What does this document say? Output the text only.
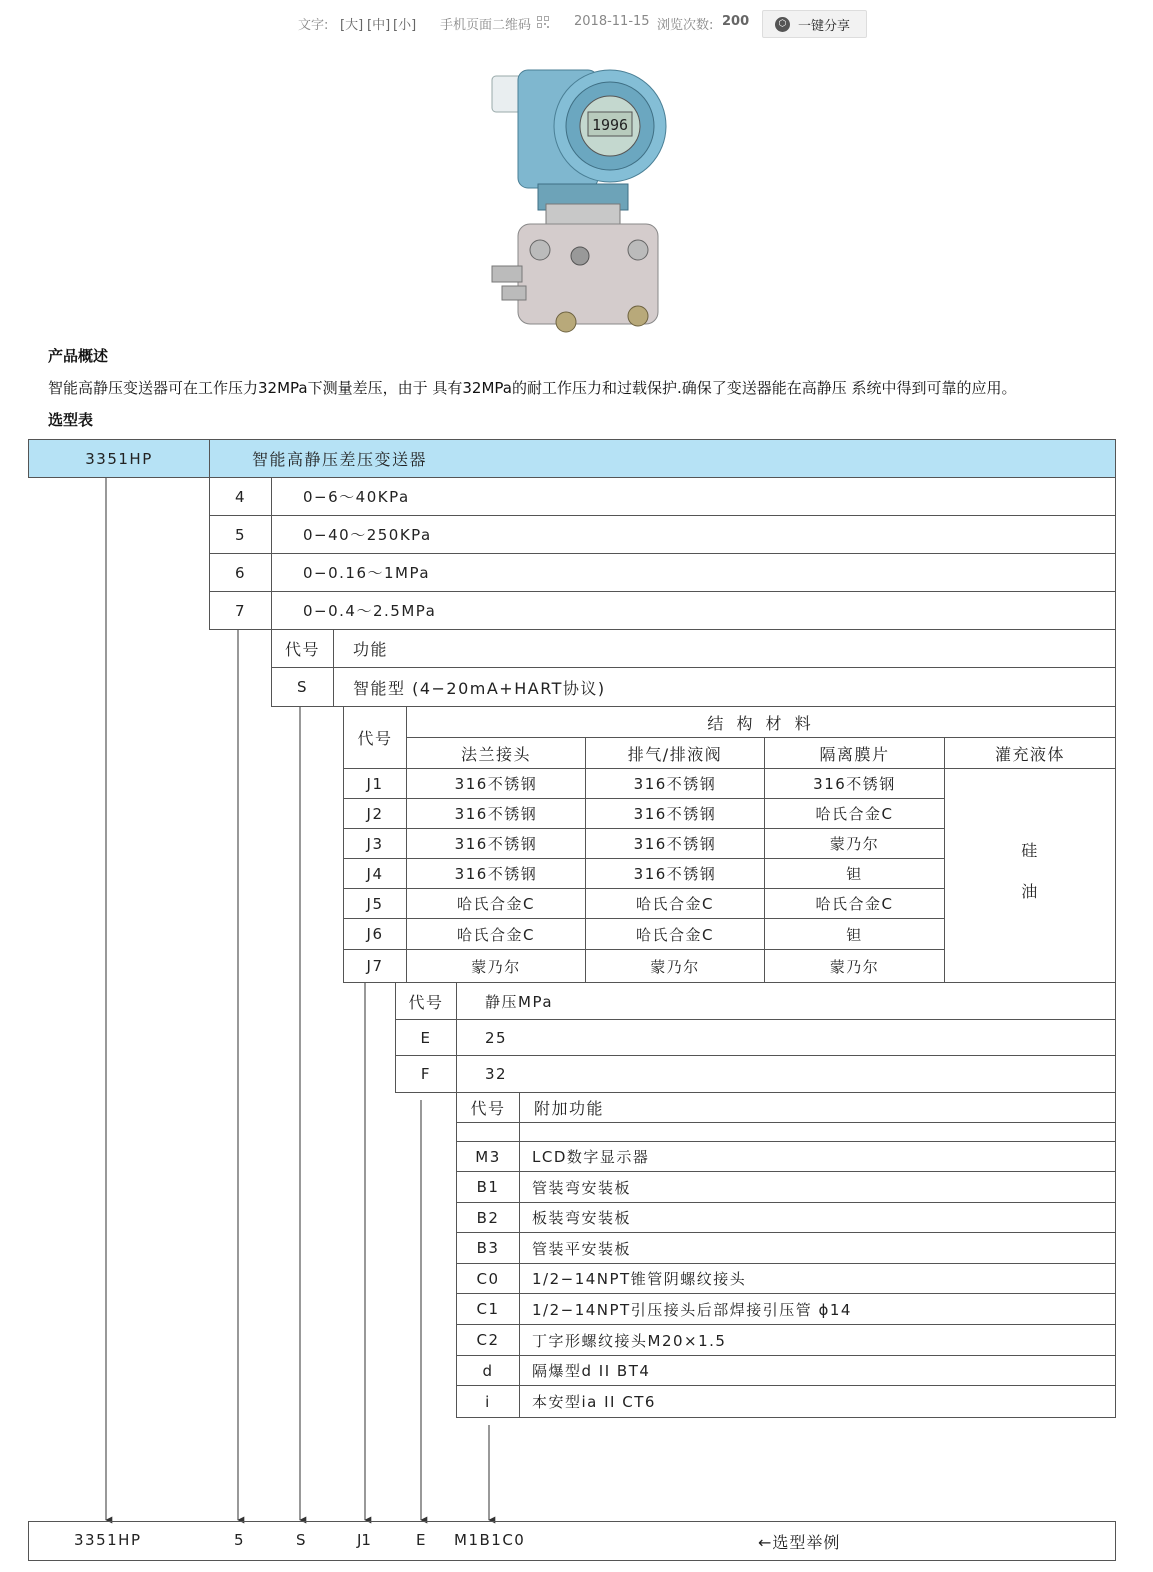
文字: [大] [中] [小] 手机页面二维码	2018-11-15 浏览次数: 200	⬡ 一键分享
1996
产品概述
智能高静压变送器可在工作压力32MPa下测量差压，由于 具有32MPa的耐工作压力和过载保护.确保了变送器能在高静压 系统中得到可靠的应用。
选型表
3351HP	智能高静压差压变送器
4	0−6～40KPa
5	0−40～250KPa
6	0−0.16～1MPa
7	0−0.4～2.5MPa
代号	功能
S	智能型 (4−20mA+HART协议)
代号
结 构 材 料
法兰接头	排气/排液阀	隔离膜片	灌充液体
J1	316不锈钢	316不锈钢	316不锈钢
J2	316不锈钢	316不锈钢	哈氏合金C
J3	316不锈钢	316不锈钢	蒙乃尔
J4	316不锈钢	316不锈钢	钽
J5	哈氏合金C	哈氏合金C	哈氏合金C
J6	哈氏合金C	哈氏合金C	钽
J7	蒙乃尔	蒙乃尔	蒙乃尔
硅
油
代号	静压MPa
E	25
F	32
代号	附加功能
M3	LCD数字显示器
B1	管装弯安装板
B2	板装弯安装板
B3	管装平安装板
C0	1/2−14NPT锥管阴螺纹接头
C1	1/2−14NPT引压接头后部焊接引压管 ϕ14
C2	丁字形螺纹接头M20×1.5
d	隔爆型d II BT4
i	本安型ia II CT6
3351HP	5	S	J1	E M1B1C0	←选型举例
